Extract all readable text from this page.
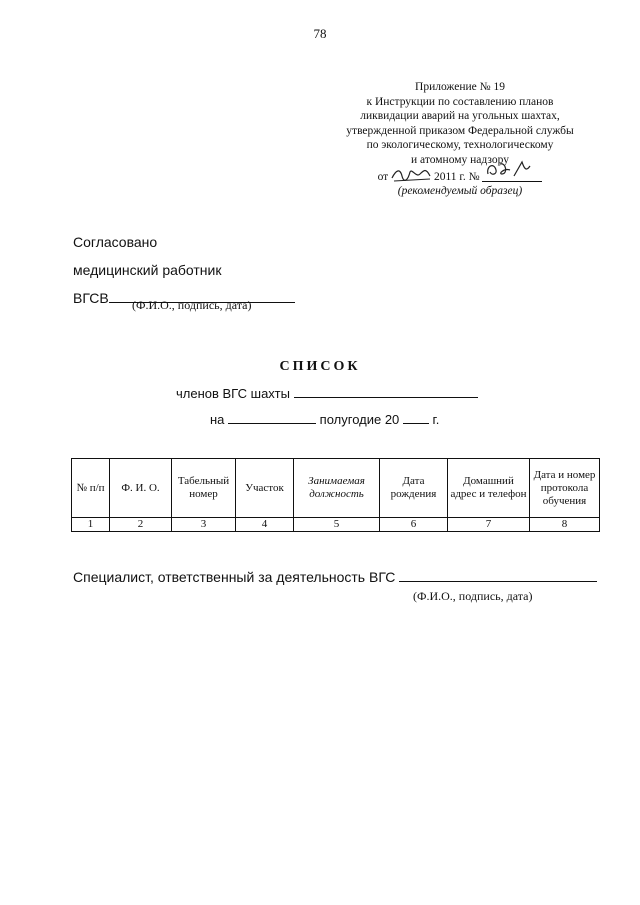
78
Приложение № 19
к Инструкции по составлению планов
ликвидации аварий на угольных шахтах,
утвержденной приказом Федеральной службы
по экологическому, технологическому
и атомному надзору
от	2011 г. №
(рекомендуемый образец)
Согласовано
медицинский работник
ВГСВ	(Ф.И.О., подпись, дата)
СПИСОК
членов ВГС шахты
на	полугодие 20	г.
№ п/п	Ф. И. О.	Табельный номер	Участок	Занимаемая должность	Дата рождения	Домашний адрес и телефон	Дата и номер протокола обучения
1	2	3	4	5	6	7	8
Специалист, ответственный за деятельность ВГС
(Ф.И.О., подпись, дата)
